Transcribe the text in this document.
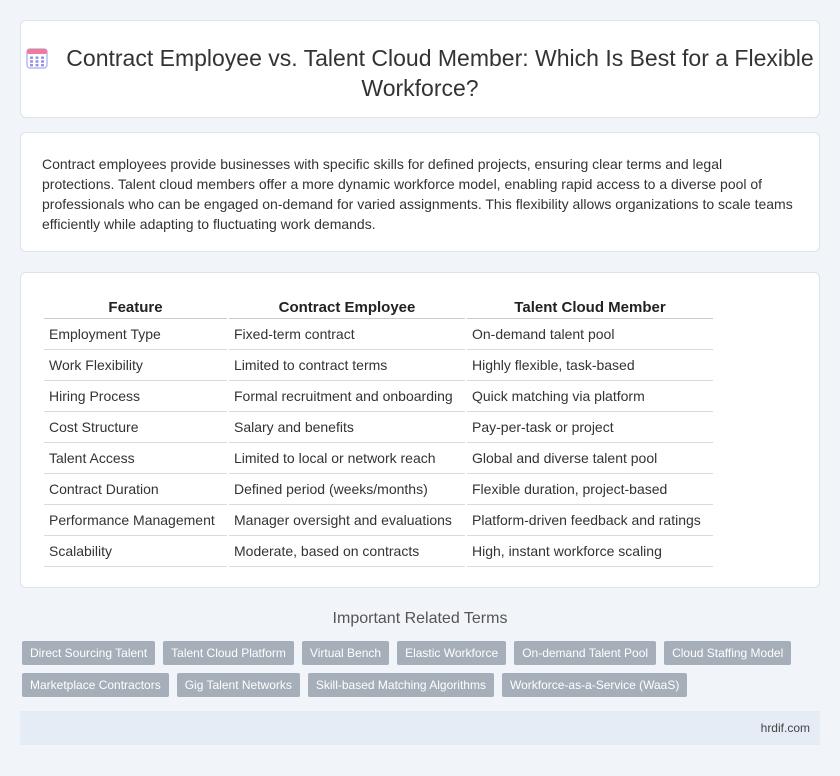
Contract Employee vs. Talent Cloud Member: Which Is Best for a Flexible Workforce?

Contract employees provide businesses with specific skills for defined projects, ensuring clear terms and legal protections. Talent cloud members offer a more dynamic workforce model, enabling rapid access to a diverse pool of professionals who can be engaged on-demand for varied assignments. This flexibility allows organizations to scale teams efficiently while adapting to fluctuating work demands.

Feature	Contract Employee	Talent Cloud Member
Employment Type	Fixed-term contract	On-demand talent pool
Work Flexibility	Limited to contract terms	Highly flexible, task-based
Hiring Process	Formal recruitment and onboarding	Quick matching via platform
Cost Structure	Salary and benefits	Pay-per-task or project
Talent Access	Limited to local or network reach	Global and diverse talent pool
Contract Duration	Defined period (weeks/months)	Flexible duration, project-based
Performance Management	Manager oversight and evaluations	Platform-driven feedback and ratings
Scalability	Moderate, based on contracts	High, instant workforce scaling
Important Related Terms
Direct Sourcing Talent	Talent Cloud Platform	Virtual Bench	Elastic Workforce	On-demand Talent Pool	Cloud Staffing Model
Marketplace Contractors	Gig Talent Networks	Skill-based Matching Algorithms	Workforce-as-a-Service (WaaS)
hrdif.com
